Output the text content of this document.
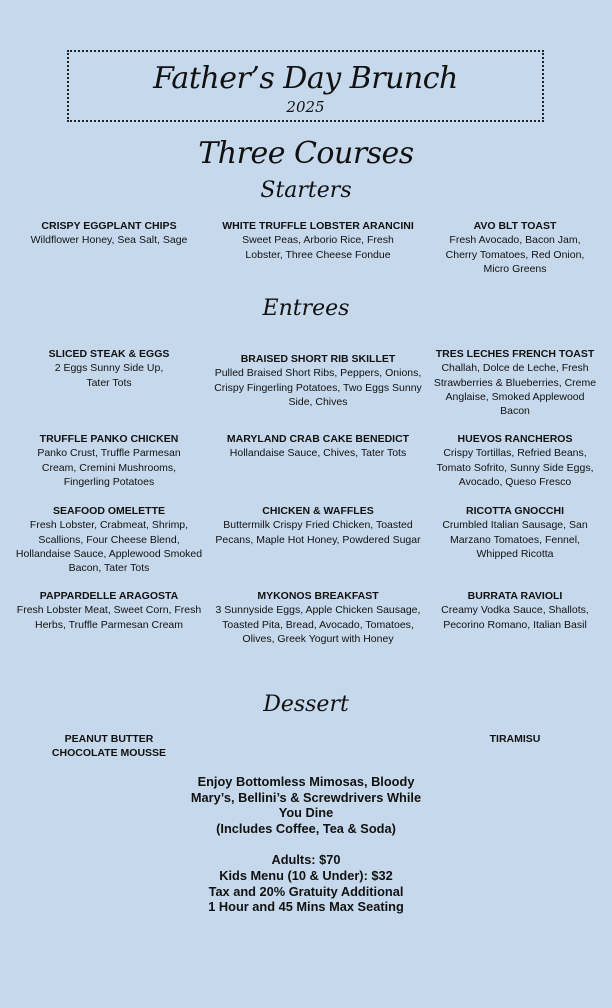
Father’s Day Brunch
2025
Three Courses
Starters
CRISPY EGGPLANT CHIPS
Wildflower Honey, Sea Salt, Sage
WHITE TRUFFLE LOBSTER ARANCINI
Sweet Peas, Arborio Rice, Fresh Lobster, Three Cheese Fondue
AVO BLT TOAST
Fresh Avocado, Bacon Jam, Cherry Tomatoes, Red Onion, Micro Greens
Entrees
SLICED STEAK & EGGS
2 Eggs Sunny Side Up, Tater Tots
BRAISED SHORT RIB SKILLET
Pulled Braised Short Ribs, Peppers, Onions, Crispy Fingerling Potatoes, Two Eggs Sunny Side, Chives
TRES LECHES FRENCH TOAST
Challah, Dolce de Leche, Fresh Strawberries & Blueberries, Creme Anglaise, Smoked Applewood Bacon
TRUFFLE PANKO CHICKEN
Panko Crust, Truffle Parmesan Cream, Cremini Mushrooms, Fingerling Potatoes
MARYLAND CRAB CAKE BENEDICT
Hollandaise Sauce, Chives, Tater Tots
HUEVOS RANCHEROS
Crispy Tortillas, Refried Beans, Tomato Sofrito, Sunny Side Eggs, Avocado, Queso Fresco
SEAFOOD OMELETTE
Fresh Lobster, Crabmeat, Shrimp, Scallions, Four Cheese Blend, Hollandaise Sauce, Applewood Smoked Bacon, Tater Tots
CHICKEN & WAFFLES
Buttermilk Crispy Fried Chicken, Toasted Pecans, Maple Hot Honey, Powdered Sugar
RICOTTA GNOCCHI
Crumbled Italian Sausage, San Marzano Tomatoes, Fennel, Whipped Ricotta
PAPPARDELLE ARAGOSTA
Fresh Lobster Meat, Sweet Corn, Fresh Herbs, Truffle Parmesan Cream
MYKONOS BREAKFAST
3 Sunnyside Eggs, Apple Chicken Sausage, Toasted Pita, Bread, Avocado, Tomatoes, Olives, Greek Yogurt with Honey
BURRATA RAVIOLI
Creamy Vodka Sauce, Shallots, Pecorino Romano, Italian Basil
Dessert
PEANUT BUTTER CHOCOLATE MOUSSE
TIRAMISU
Enjoy Bottomless Mimosas, Bloody Mary’s, Bellini’s & Screwdrivers While You Dine
(Includes Coffee, Tea & Soda)
Adults: $70
Kids Menu (10 & Under): $32
Tax and 20% Gratuity Additional
1 Hour and 45 Mins Max Seating
